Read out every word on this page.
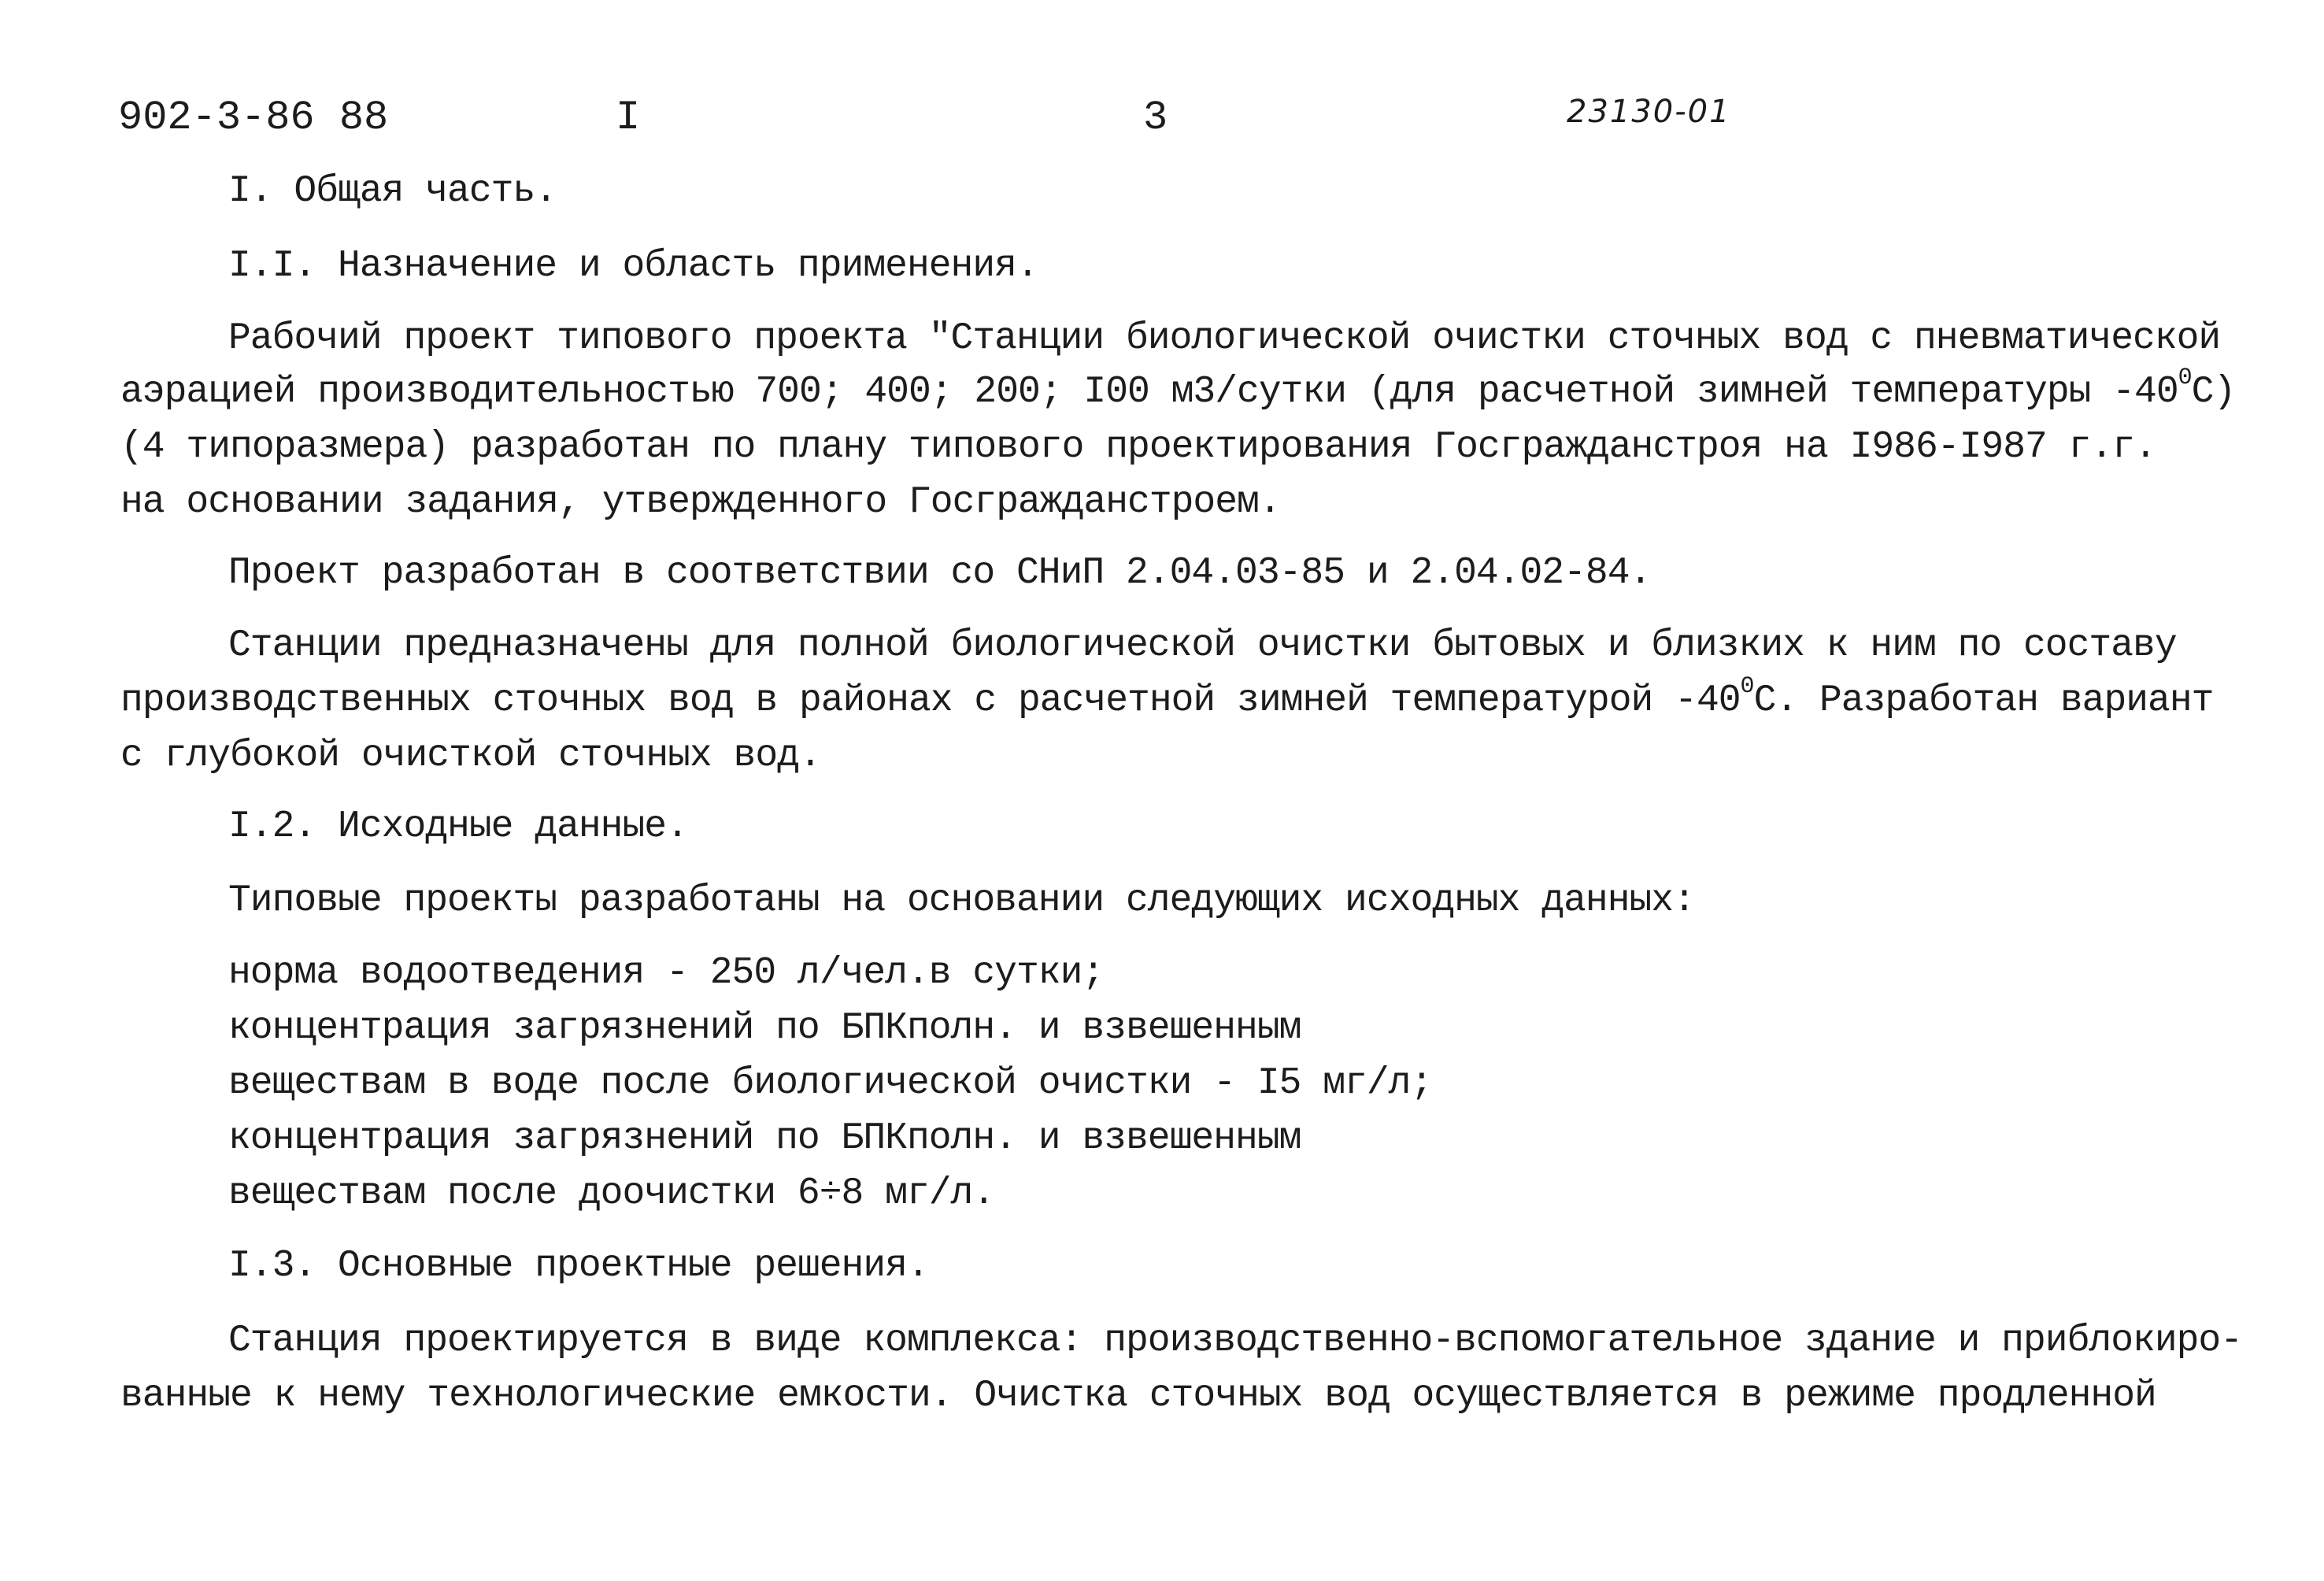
902-3-86 88	I	3	23130-01
I. Общая часть.
I.I. Назначение и область применения.
Рабочий проект типового проекта "Станции биологической очистки сточных вод с пневматической
аэрацией производительностью 700; 400; 200; I00 м3/сутки (для расчетной зимней температуры $-40^0С$)
(4 типоразмера) разработан по плану типового проектирования Госгражданстроя на I986-I987 г.г.
на основании задания, утвержденного Госгражданстроем.
Проект разработан в соответствии со СНиП 2.04.03-85 и 2.04.02-84.
Станции предназначены для полной биологической очистки бытовых и близких к ним по составу
производственных сточных вод в районах с расчетной зимней температурой $-40^0С$. Разработан вариант
с глубокой очисткой сточных вод.
I.2. Исходные данные.
Типовые проекты разработаны на основании следующих исходных данных:
норма водоотведения - 250 л/чел.в сутки;
концентрация загрязнений по БПКполн. и взвешенным
веществам в воде после биологической очистки - I5 мг/л;
концентрация загрязнений по БПКполн. и взвешенным
веществам после доочистки 6÷8 мг/л.
I.3. Основные проектные решения.
Станция проектируется в виде комплекса: производственно-вспомогательное здание и приблокиро-
ванные к нему технологические емкости. Очистка сточных вод осуществляется в режиме продленной
